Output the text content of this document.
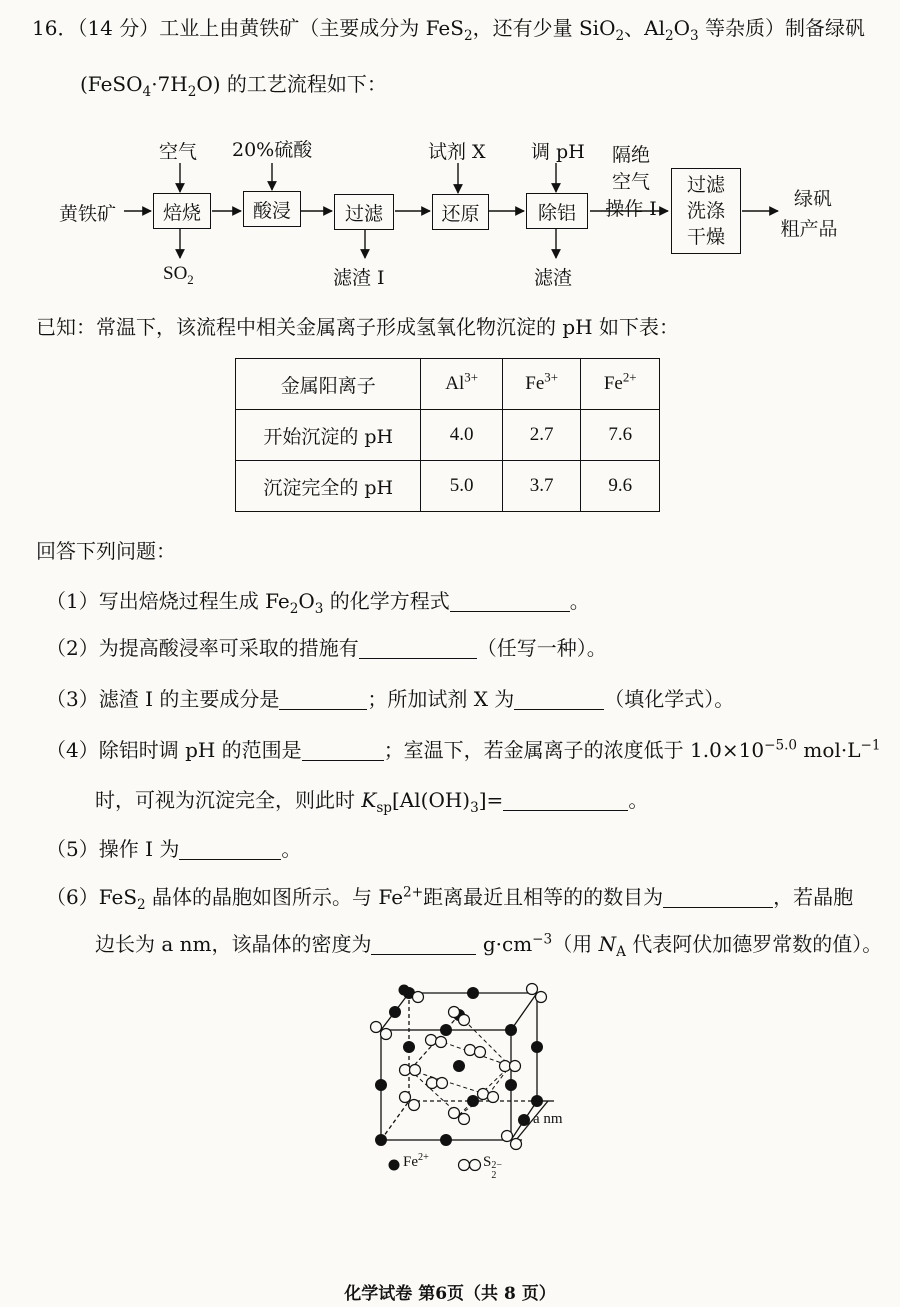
16．（14 分）工业上由黄铁矿（主要成分为 FeS$_2$，还有少量 SiO$_2$、$Al_2O_3$ 等杂质）制备绿矾
$(FeSO_4\cdot 7H_2O)$ 的工艺流程如下：
黄铁矿	焙烧	酸浸	过滤	还原	除铝
过滤
洗涤
干燥
空气 20%硫酸	试剂 X 调 pH
$SO_2$	滤渣 I	滤渣
隔绝
空气
操作 I	绿矾
粗产品
已知：常温下，该流程中相关金属离子形成氢氧化物沉淀的 pH 如下表：
金属阳离子	$Al^{3+}$	$Fe^{3+}$	$Fe^{2+}$
开始沉淀的 pH	4.0	2.7	7.6
沉淀完全的 pH	5.0	3.7	9.6
回答下列问题：
（1）写出焙烧过程生成 $Fe_2O_3$ 的化学方程式	。
（2）为提高酸浸率可采取的措施有	（任写一种）。
（3）滤渣 I 的主要成分是	；所加试剂 X 为	（填化学式）。
（4）除铝时调 pH 的范围是	；室温下，若金属离子的浓度低于 $1.0\times 10^{-5.0}$ $mol\cdot L^{-1}$
时，可视为沉淀完全，则此时 $K_{sp}[Al(OH)_3]=$	。
（5）操作 I 为	。
（6）FeS$_2$ 晶体的晶胞如图所示。与 $Fe^{2+}$距离最近且相等的的数目为	，若晶胞
边长为 a nm，该晶体的密度为	$g\cdot cm^{-3}$（用 $N_A$ 代表阿伏加德罗常数的值）。
a nm
$Fe^{2+}$	S 2−
2
化学试卷 第6页（共 8 页）
